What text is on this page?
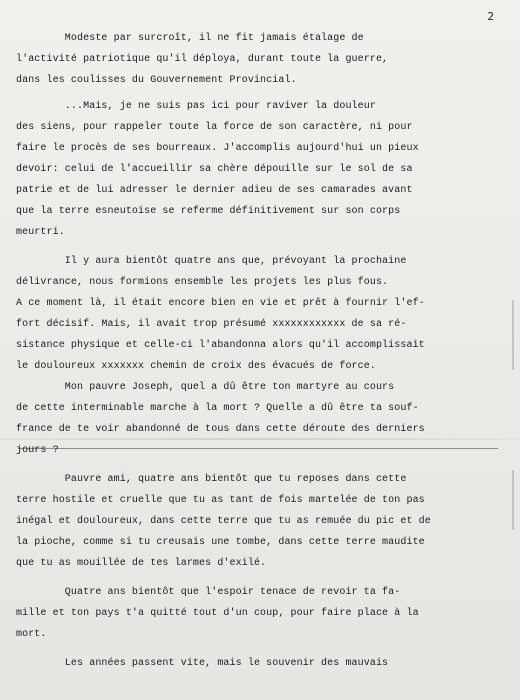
2
Modeste par surcroît, il ne fit jamais étalage de
l'activité patriotique qu'il déploya, durant toute la guerre,
dans les coulisses du Gouvernement Provincial.
...Mais, je ne suis pas ici pour raviver la douleur
des siens, pour rappeler toute la force de son caractère, ni pour
faire le procès de ses bourreaux. J'accomplis aujourd'hui un pieux
devoir: celui de l'accueillir sa chère dépouille sur le sol de sa
patrie et de lui adresser le dernier adieu de ses camarades avant
que la terre esneutoise se referme définitivement sur son corps
meurtri.
Il y aura bientôt quatre ans que, prévoyant la prochaine
délivrance, nous formions ensemble les projets les plus fous.
A ce moment là, il était encore bien en vie et prêt à fournir l'ef-
fort décisif. Mais, il avait trop présumé xxxxxxxxxxxx de sa ré-
sistance physique et celle-ci l'abandonna alors qu'il accomplissait
le douloureux xxxxxxx chemin de croix des évacués de force.
Mon pauvre Joseph, quel a dû être ton martyre au cours
de cette interminable marche à la mort ? Quelle a dû être ta souf-
france de te voir abandonné de tous dans cette déroute des derniers
jours ?
Pauvre ami, quatre ans bientôt que tu reposes dans cette
terre hostile et cruelle que tu as tant de fois martelée de ton pas
inégal et douloureux, dans cette terre que tu as remuée du pic et de
la pioche, comme si tu creusais une tombe, dans cette terre maudite
que tu as mouillée de tes larmes d'exilé.
Quatre ans bientôt que l'espoir tenace de revoir ta fa-
mille et ton pays t'a quitté tout d'un coup, pour faire place à la
mort.
Les années passent vite, mais le souvenir des mauvais
